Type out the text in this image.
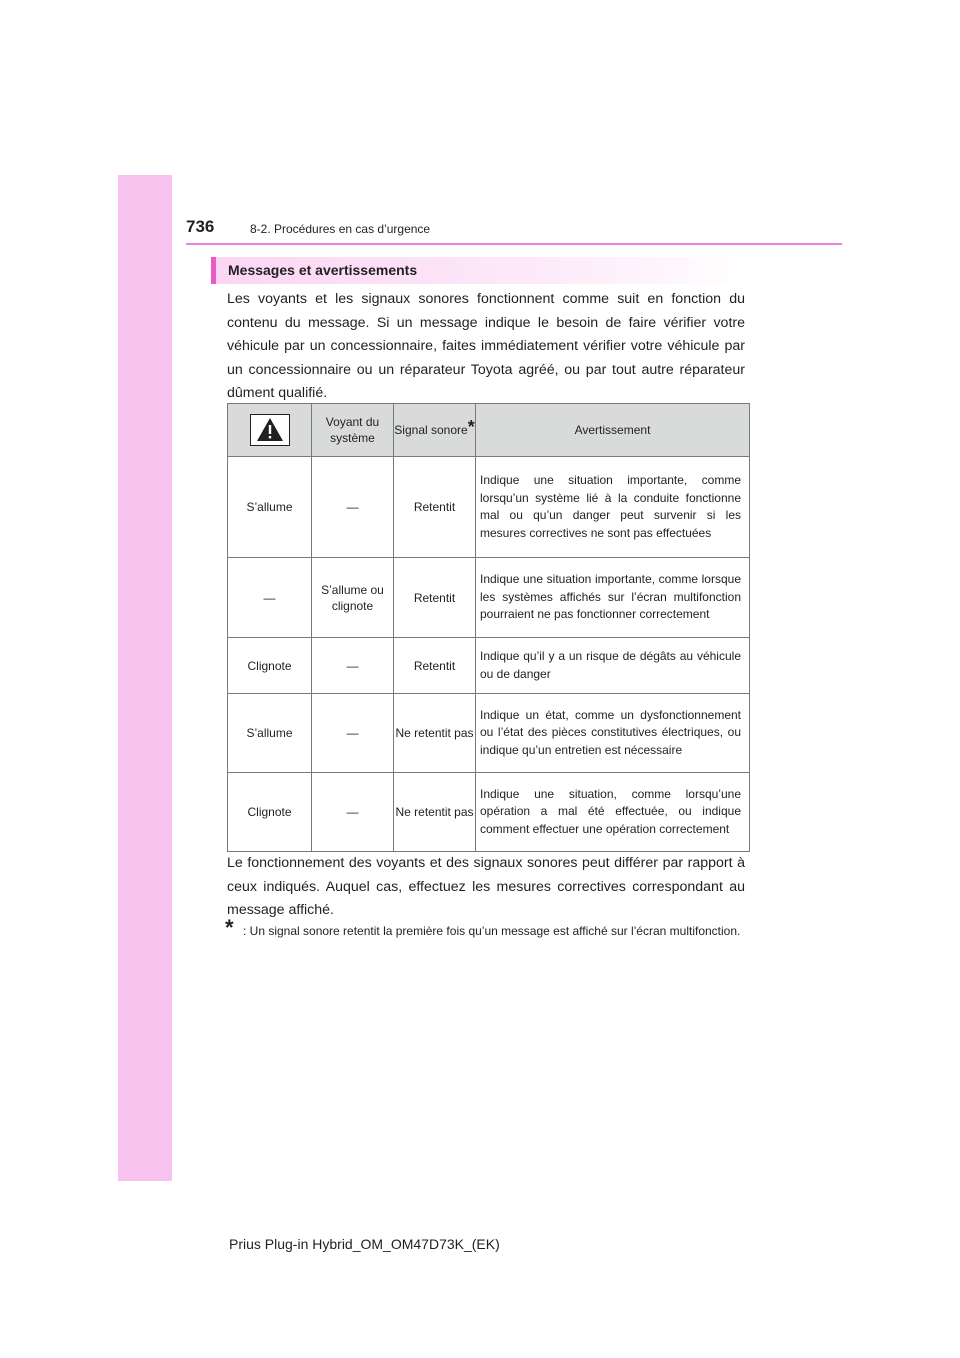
736	8-2. Procédures en cas d’urgence
Messages et avertissements

Les voyants et les signaux sonores fonctionnent comme suit en fonction du contenu du message. Si un message indique le besoin de faire vérifier votre véhicule par un concessionnaire, faites immédiatement vérifier votre véhicule par un concessionnaire ou un réparateur Toyota agréé, ou par tout autre réparateur dûment qualifié.

	Voyant du système	Signal sonore*	Avertissement
S’allume	—	Retentit	Indique une situation importante, comme lorsqu’un système lié à la conduite fonctionne mal ou qu’un danger peut survenir si les mesures correctives ne sont pas effectuées
—	S’allume ou clignote	Retentit	Indique une situation importante, comme lorsque les systèmes affichés sur l’écran multifonction pourraient ne pas fonctionner correctement
Clignote	—	Retentit	Indique qu’il y a un risque de dégâts au véhicule ou de danger
S’allume	—	Ne retentit pas	Indique un état, comme un dysfonctionnement ou l’état des pièces constitutives électriques, ou indique qu’un entretien est nécessaire
Clignote	—	Ne retentit pas	Indique une situation, comme lorsqu’une opération a mal été effectuée, ou indique comment effectuer une opération correctement

Le fonctionnement des voyants et des signaux sonores peut différer par rapport à ceux indiqués. Auquel cas, effectuez les mesures correctives correspondant au message affiché.

* : Un signal sonore retentit la première fois qu’un message est affiché sur l’écran multifonction.
Prius Plug-in Hybrid_OM_OM47D73K_(EK)
